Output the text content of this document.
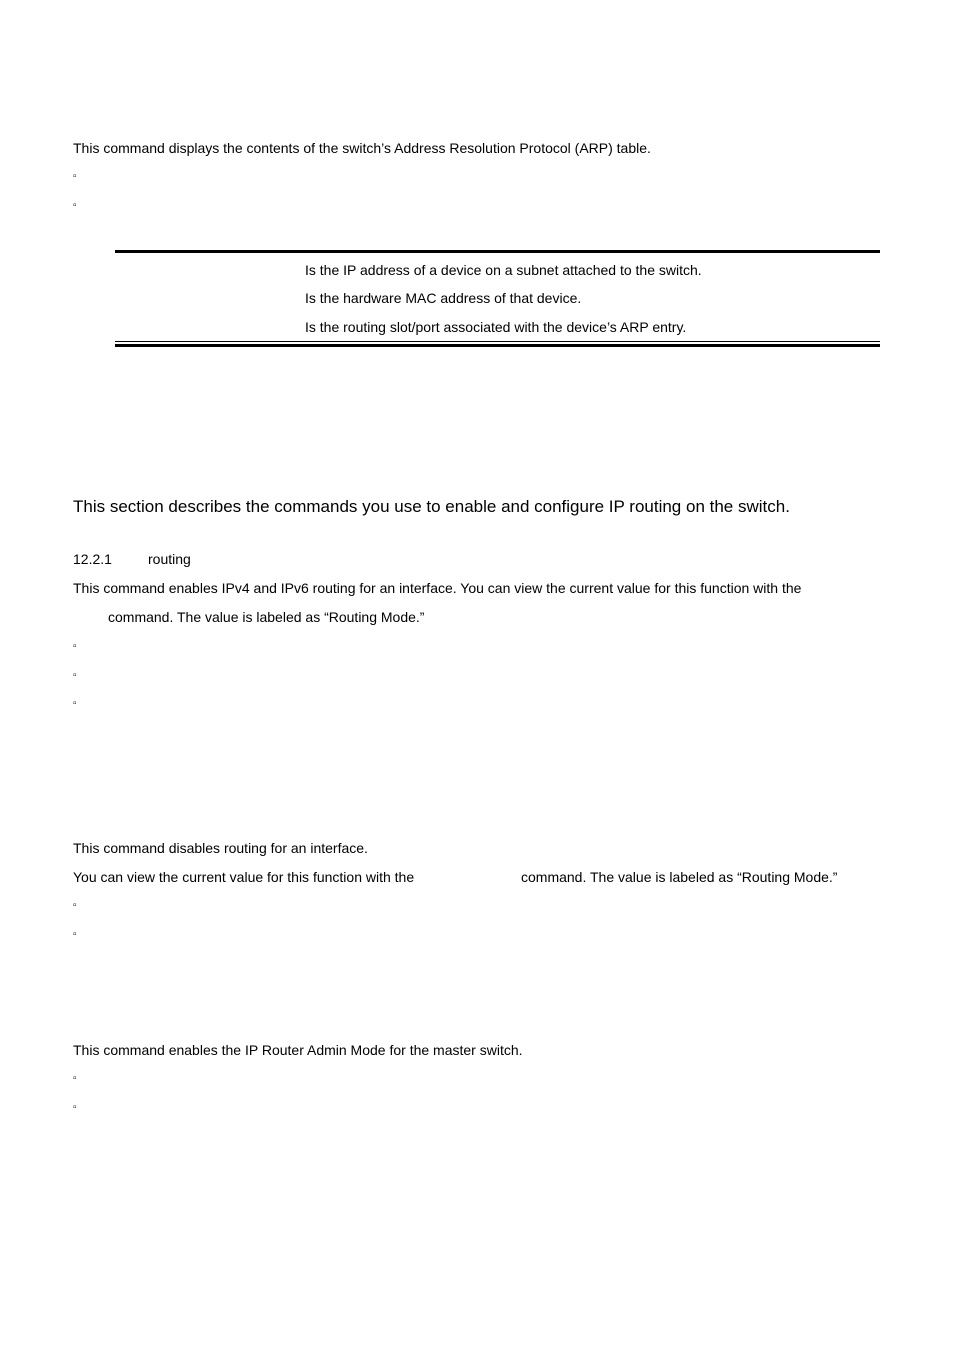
This command displays the contents of the switch’s Address Resolution Protocol (ARP) table.
▫
▫
Is the IP address of a device on a subnet attached to the switch.
Is the hardware MAC address of that device.
Is the routing slot/port associated with the device’s ARP entry.
This section describes the commands you use to enable and configure IP routing on the switch.
12.2.1	routing
This command enables IPv4 and IPv6 routing for an interface. You can view the current value for this function with the
command. The value is labeled as “Routing Mode.”
▫
▫
▫
This command disables routing for an interface.
You can view the current value for this function with the	command. The value is labeled as “Routing Mode.”
▫
▫
This command enables the IP Router Admin Mode for the master switch.
▫
▫
